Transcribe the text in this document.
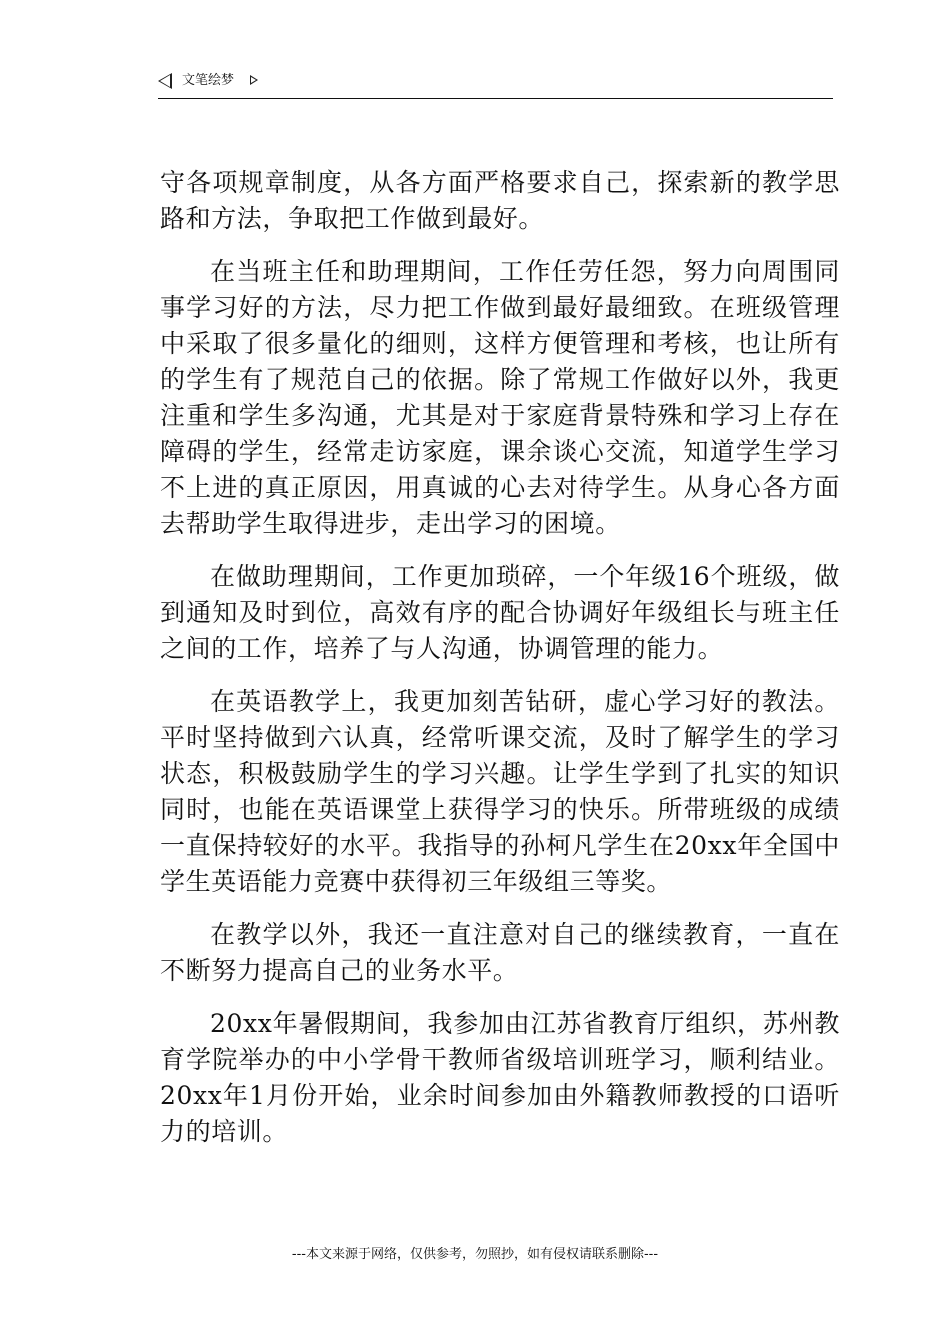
文笔绘梦

守各项规章制度，从各方面严格要求自己，探索新的教学思路和方法，争取把工作做到最好。

在当班主任和助理期间，工作任劳任怨，努力向周围同事学习好的方法，尽力把工作做到最好最细致。在班级管理中采取了很多量化的细则，这样方便管理和考核，也让所有的学生有了规范自己的依据。除了常规工作做好以外，我更注重和学生多沟通，尤其是对于家庭背景特殊和学习上存在障碍的学生，经常走访家庭，课余谈心交流，知道学生学习不上进的真正原因，用真诚的心去对待学生。从身心各方面去帮助学生取得进步，走出学习的困境。

在做助理期间，工作更加琐碎，一个年级16个班级，做到通知及时到位，高效有序的配合协调好年级组长与班主任之间的工作，培养了与人沟通，协调管理的能力。

在英语教学上，我更加刻苦钻研，虚心学习好的教法。平时坚持做到六认真，经常听课交流，及时了解学生的学习状态，积极鼓励学生的学习兴趣。让学生学到了扎实的知识同时，也能在英语课堂上获得学习的快乐。所带班级的成绩一直保持较好的水平。我指导的孙柯凡学生在20xx年全国中学生英语能力竞赛中获得初三年级组三等奖。

在教学以外，我还一直注意对自己的继续教育，一直在不断努力提高自己的业务水平。

20xx年暑假期间，我参加由江苏省教育厅组织，苏州教育学院举办的中小学骨干教师省级培训班学习，顺利结业。20xx年1月份开始，业余时间参加由外籍教师教授的口语听力的培训。

---本文来源于网络，仅供参考，勿照抄，如有侵权请联系删除---
